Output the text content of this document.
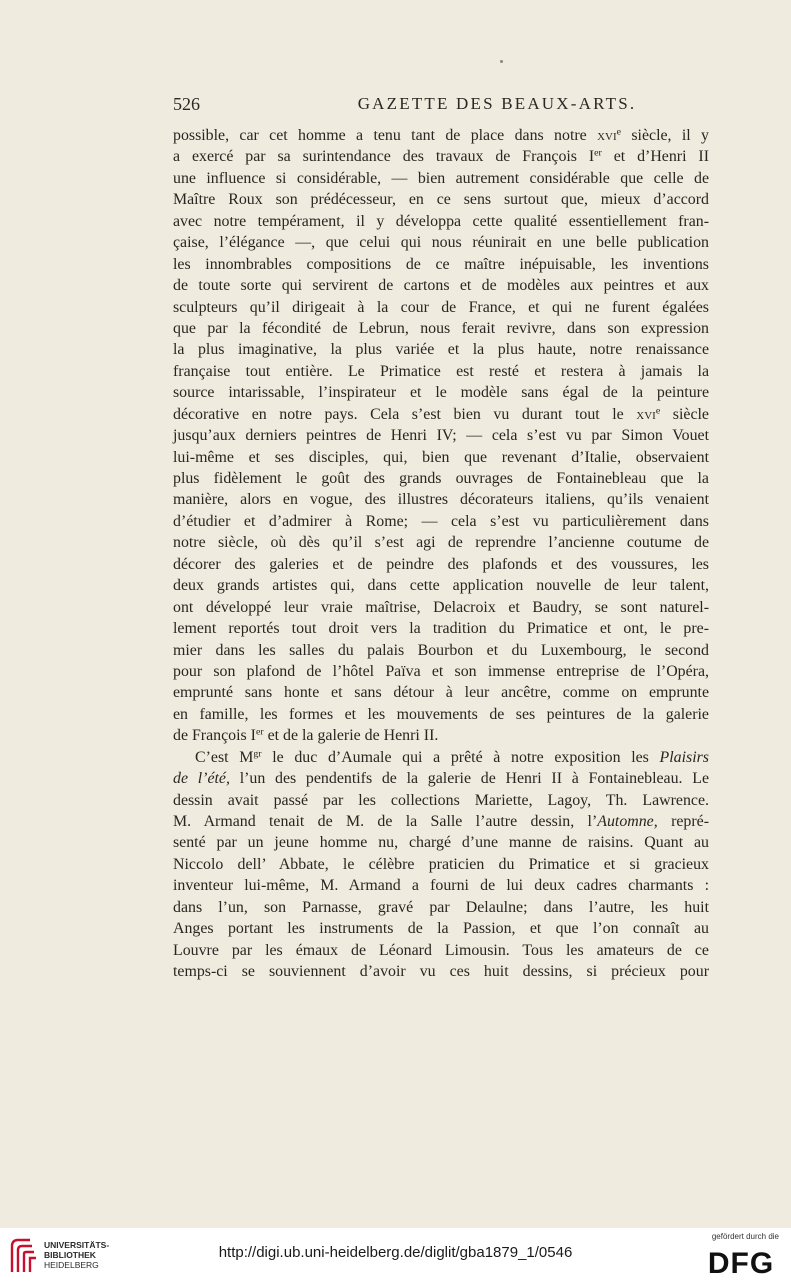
526	GAZETTE DES BEAUX-ARTS.
possible, car cet homme a tenu tant de place dans notre xvi$^e$ siècle, il y
a exercé par sa surintendance des travaux de François Ier et d’Henri II
une influence si considérable, — bien autrement considérable que celle de
Maître Roux son prédécesseur, en ce sens surtout que, mieux d’accord
avec notre tempérament, il y développa cette qualité essentiellement fran-
çaise, l’élégance —, que celui qui nous réunirait en une belle publication
les innombrables compositions de ce maître inépuisable, les inventions
de toute sorte qui servirent de cartons et de modèles aux peintres et aux
sculpteurs qu’il dirigeait à la cour de France, et qui ne furent égalées
que par la fécondité de Lebrun, nous ferait revivre, dans son expression
la plus imaginative, la plus variée et la plus haute, notre renaissance
française tout entière. Le Primatice est resté et restera à jamais la
source intarissable, l’inspirateur et le modèle sans égal de la peinture
décorative en notre pays. Cela s’est bien vu durant tout le xvi$^e$ siècle
jusqu’aux derniers peintres de Henri IV; — cela s’est vu par Simon Vouet
lui-même et ses disciples, qui, bien que revenant d’Italie, observaient
plus fidèlement le goût des grands ouvrages de Fontainebleau que la
manière, alors en vogue, des illustres décorateurs italiens, qu’ils venaient
d’étudier et d’admirer à Rome; — cela s’est vu particulièrement dans
notre siècle, où dès qu’il s’est agi de reprendre l’ancienne coutume de
décorer des galeries et de peindre des plafonds et des voussures, les
deux grands artistes qui, dans cette application nouvelle de leur talent,
ont développé leur vraie maîtrise, Delacroix et Baudry, se sont naturel-
lement reportés tout droit vers la tradition du Primatice et ont, le pre-
mier dans les salles du palais Bourbon et du Luxembourg, le second
pour son plafond de l’hôtel Païva et son immense entreprise de l’Opéra,
emprunté sans honte et sans détour à leur ancêtre, comme on emprunte
en famille, les formes et les mouvements de ses peintures de la galerie
de François Ier et de la galerie de Henri II.
C’est $M^{gr}$ le duc d’Aumale qui a prêté à notre exposition les Plaisirs
de l’été, l’un des pendentifs de la galerie de Henri II à Fontainebleau. Le
dessin avait passé par les collections Mariette, Lagoy, Th. Lawrence.
M. Armand tenait de M. de la Salle l’autre dessin, l’Automne, repré-
senté par un jeune homme nu, chargé d’une manne de raisins. Quant au
Niccolo dell’ Abbate, le célèbre praticien du Primatice et si gracieux
inventeur lui-même, M. Armand a fourni de lui deux cadres charmants :
dans l’un, son Parnasse, gravé par Delaulne; dans l’autre, les huit
Anges portant les instruments de la Passion, et que l’on connaît au
Louvre par les émaux de Léonard Limousin. Tous les amateurs de ce
temps-ci se souviennent d’avoir vu ces huit dessins, si précieux pour
UNIVERSITÄTS-
BIBLIOTHEK
HEIDELBERG
http://digi.ub.uni-heidelberg.de/diglit/gba1879_1/0546
gefördert durch die
DFG
